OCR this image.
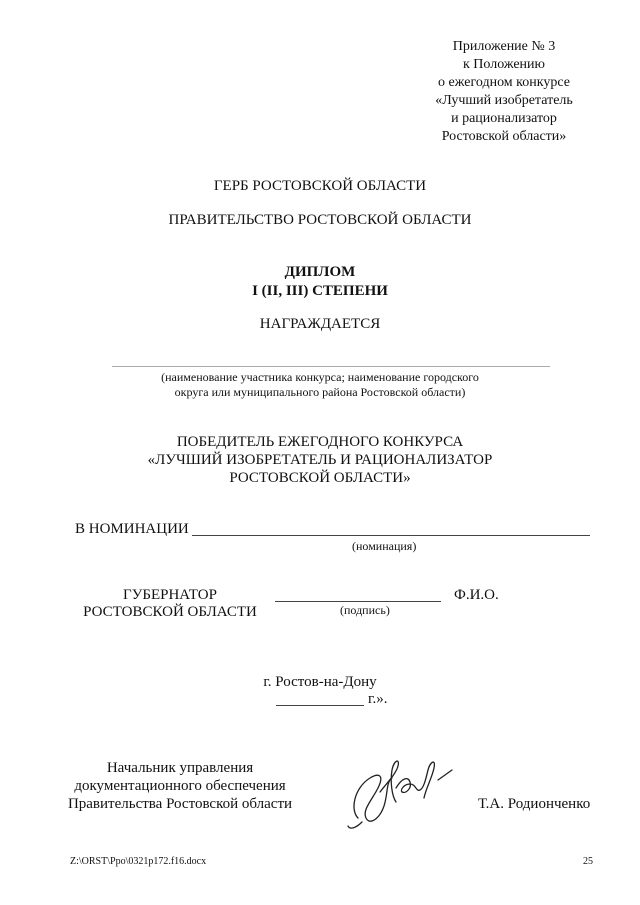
Приложение № 3
к Положению
о ежегодном конкурсе
«Лучший изобретатель
и рационализатор
Ростовской области»
ГЕРБ РОСТОВСКОЙ ОБЛАСТИ
ПРАВИТЕЛЬСТВО РОСТОВСКОЙ ОБЛАСТИ
ДИПЛОМ
I (II, III) СТЕПЕНИ
НАГРАЖДАЕТСЯ
(наименование участника конкурса; наименование городского
округа или муниципального района Ростовской области)
ПОБЕДИТЕЛЬ ЕЖЕГОДНОГО КОНКУРСА
«ЛУЧШИЙ ИЗОБРЕТАТЕЛЬ И РАЦИОНАЛИЗАТОР
РОСТОВСКОЙ ОБЛАСТИ»
В НОМИНАЦИИ
(номинация)
ГУБЕРНАТОР
РОСТОВСКОЙ ОБЛАСТИ	(подпись)
Ф.И.О.
г. Ростов-на-Дону
г.».
Начальник управления
документационного обеспечения
Правительства Ростовской области	Т.А. Родионченко
Z:\ORST\Ppo\0321p172.f16.docx	25
